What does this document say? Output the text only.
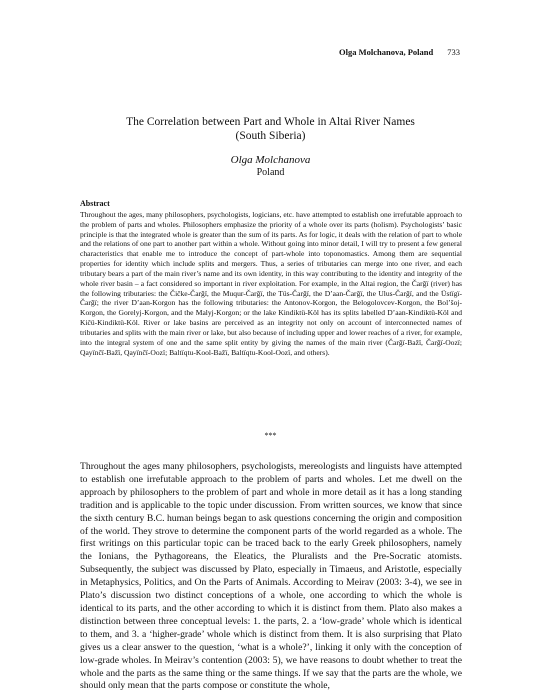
Olga Molchanova, Poland 733
The Correlation between Part and Whole in Altai River Names
(South Siberia)
Olga Molchanova
Poland
Abstract

Throughout the ages, many philosophers, psychologists, logicians, etc. have attempted to establish one irrefutable approach to the problem of parts and wholes. Philosophers emphasize the priority of a whole over its parts (holism). Psychologists’ basic principle is that the integrated whole is greater than the sum of its parts. As for logic, it deals with the relation of part to whole and the relations of one part to another part within a whole. Without going into minor detail, I will try to present a few general characteristics that enable me to introduce the concept of part-whole into toponomastics. Among them are sequential properties for identity which include splits and mergers. Thus, a series of tributaries can merge into one river, and each tributary bears a part of the main river’s name and its own identity, in this way contributing to the identity and integrity of the whole river basin – a fact considered so important in river exploitation. For example, in the Altai region, the Čarğï (river) has the following tributaries: the Čičke-Čarğï, the Muqur-Čarğï, the Tüs-Čarğï, the D’aan-Čarğï, the Ulus-Čarğï, and the Üstïgï-Čarğï; the river D’aan-Korgon has the following tributaries: the Antonov-Korgon, the Belogolovcev-Korgon, the Bol’šoj-Korgon, the Gorelyj-Korgon, and the Malyj-Korgon; or the lake Kindiktü-Köl has its splits labelled D’aan-Kindiktü-Köl and Kičü-Kindiktü-Köl. River or lake basins are perceived as an integrity not only on account of interconnected names of tributaries and splits with the main river or lake, but also because of including upper and lower reaches of a river, for example, into the integral system of one and the same split entity by giving the names of the main river (Čarğï-Bažï, Čarğï-Oozï; Qayïnčï-Bažï, Qayïnčï-Oozï; Baltïqtu-Kool-Bažï, Baltïqtu-Kool-Oozï, and others).

***

Throughout the ages many philosophers, psychologists, mereologists and linguists have attempted to establish one irrefutable approach to the problem of parts and wholes. Let me dwell on the approach by philosophers to the problem of part and whole in more detail as it has a long standing tradition and is applicable to the topic under discussion. From written sources, we know that since the sixth century B.C. human beings began to ask questions concerning the origin and composition of the world. They strove to determine the component parts of the world regarded as a whole. The first writings on this particular topic can be traced back to the early Greek philosophers, namely the Ionians, the Pythagoreans, the Eleatics, the Pluralists and the Pre-Socratic atomists. Subsequently, the subject was discussed by Plato, especially in Timaeus, and Aristotle, especially in Metaphysics, Politics, and On the Parts of Animals. According to Meirav (2003: 3-4), we see in Plato’s discussion two distinct conceptions of a whole, one according to which the whole is identical to its parts, and the other according to which it is distinct from them. Plato also makes a distinction between three conceptual levels: 1. the parts, 2. a ‘low-grade’ whole which is identical to them, and 3. a ‘higher-grade’ whole which is distinct from them. It is also surprising that Plato gives us a clear answer to the question, ‘what is a whole?’, linking it only with the conception of low-grade wholes. In Meirav’s contention (2003: 5), we have reasons to doubt whether to treat the whole and the parts as the same thing or the same things. If we say that the parts are the whole, we should only mean that the parts compose or constitute the whole,
